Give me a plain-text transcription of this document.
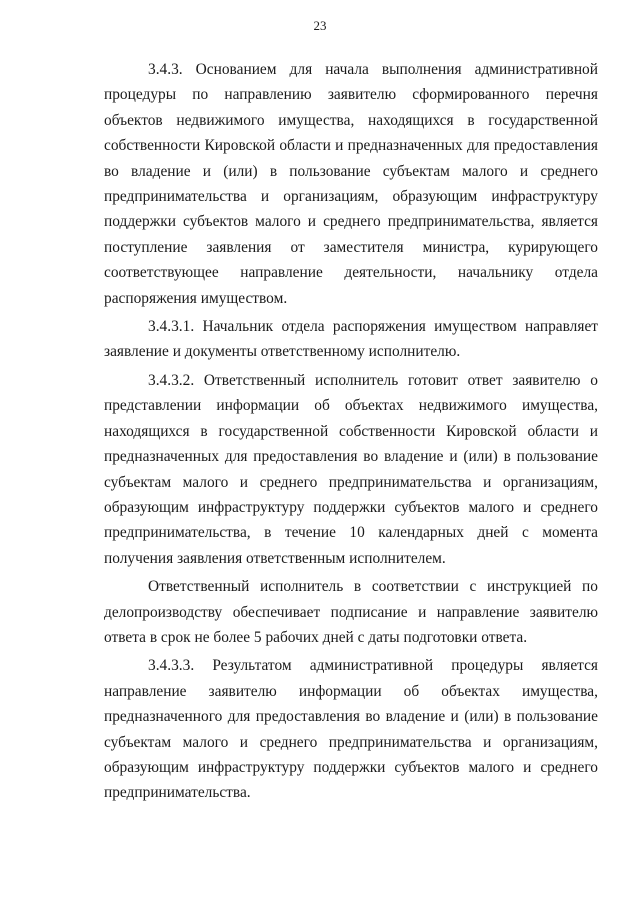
23

3.4.3. Основанием для начала выполнения административной процедуры по направлению заявителю сформированного перечня объектов недвижимого имущества, находящихся в государственной собственности Кировской области и предназначенных для предоставления во владение и (или) в пользование субъектам малого и среднего предпринимательства и организациям, образующим инфраструктуру поддержки субъектов малого и среднего предпринимательства, является поступление заявления от заместителя министра, курирующего соответствующее направление деятельности, начальнику отдела распоряжения имуществом.

3.4.3.1. Начальник отдела распоряжения имуществом направляет заявление и документы ответственному исполнителю.

3.4.3.2. Ответственный исполнитель готовит ответ заявителю о представлении информации об объектах недвижимого имущества, находящихся в государственной собственности Кировской области и предназначенных для предоставления во владение и (или) в пользование субъектам малого и среднего предпринимательства и организациям, образующим инфраструктуру поддержки субъектов малого и среднего предпринимательства, в течение 10 календарных дней с момента получения заявления ответственным исполнителем.

Ответственный исполнитель в соответствии с инструкцией по делопроизводству обеспечивает подписание и направление заявителю ответа в срок не более 5 рабочих дней с даты подготовки ответа.

3.4.3.3. Результатом административной процедуры является направление заявителю информации об объектах имущества, предназначенного для предоставления во владение и (или) в пользование субъектам малого и среднего предпринимательства и организациям, образующим инфраструктуру поддержки субъектов малого и среднего предпринимательства.
